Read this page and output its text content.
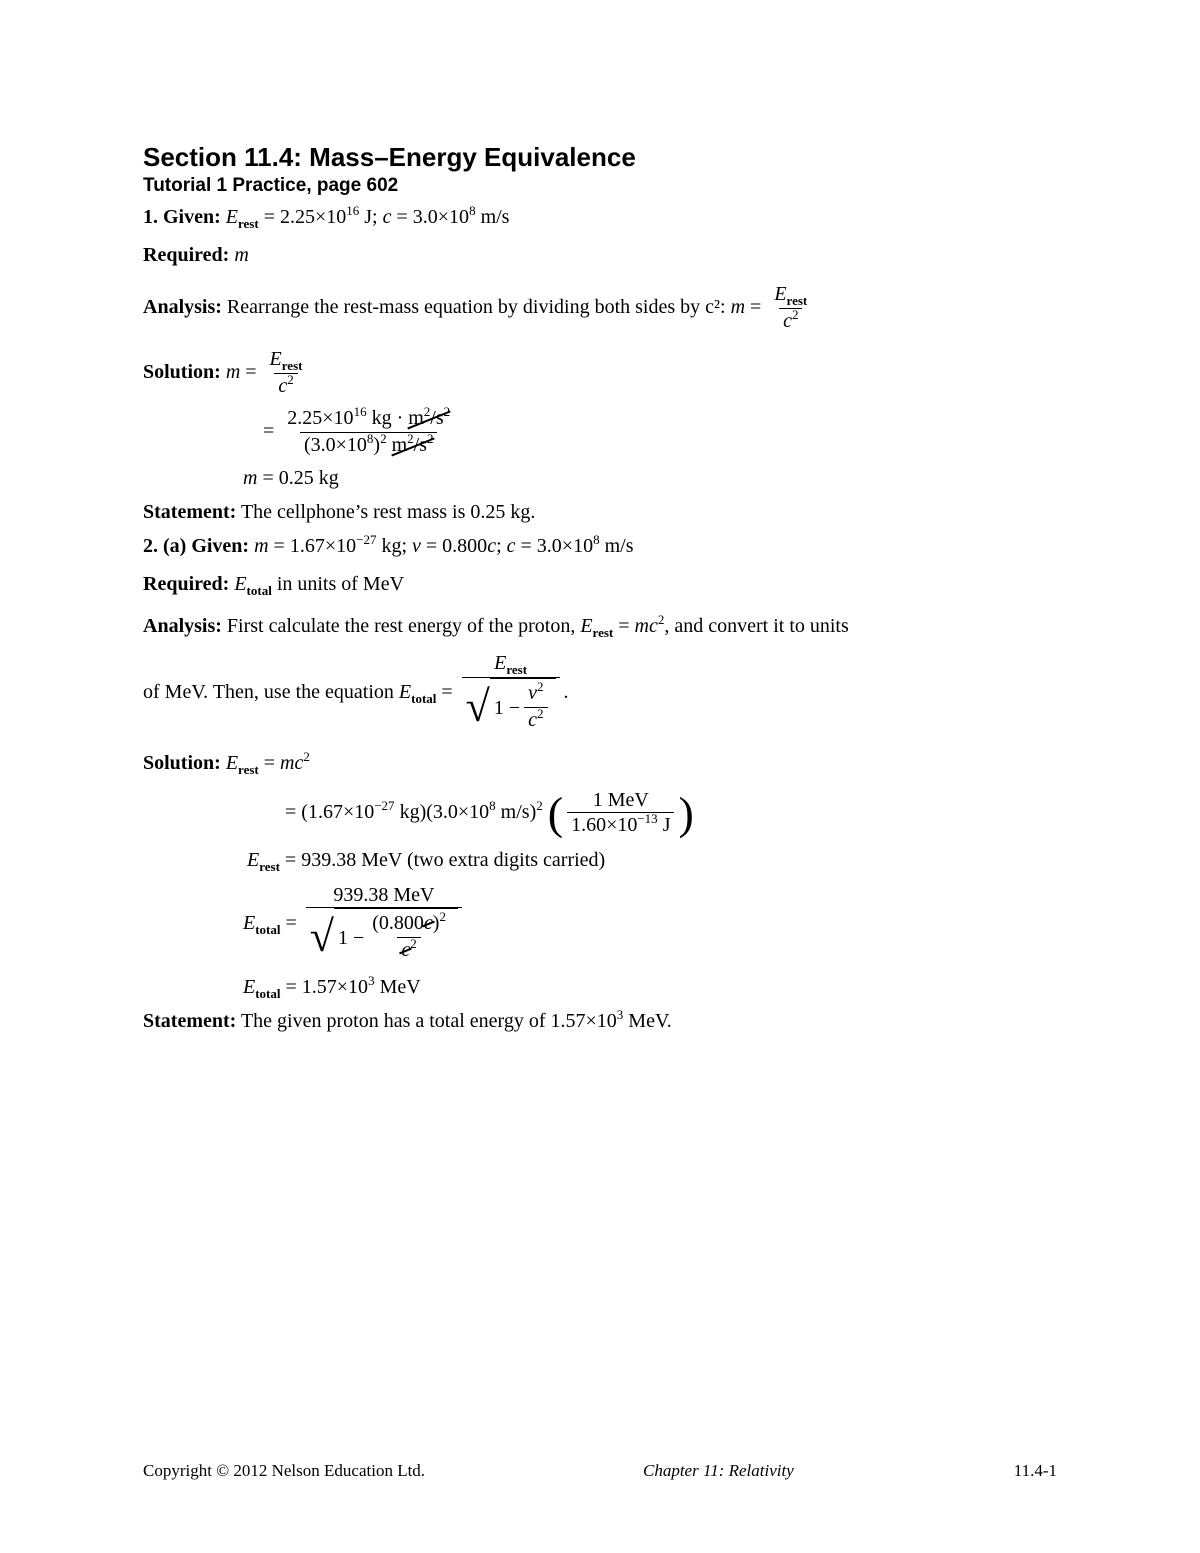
Section 11.4: Mass–Energy Equivalence
Tutorial 1 Practice, page 602
1. Given: $E_{rest} = 2.25\times 10^{16}$ J; $c = 3.0\times 10^8$ m/s
Required: m
Analysis: Rearrange the rest-mass equation by dividing both sides by c²: $m = \frac{E_{rest}}{c^2}$
Solution: $m = \frac{E_{rest}}{c^2}$
= $\frac{2.25\times 10^{16} kg \cdot m^2/s^2}{(3.0\times 10^8)^2 m^2/s^2}$
m = 0.25 kg
Statement: The cellphone’s rest mass is 0.25 kg.
2. (a) Given: $m = 1.67\times 10^{-27}$ kg; v = 0.800c; $c = 3.0\times 10^8$ m/s
Required: $E_{total}$ in units of MeV
Analysis: First calculate the rest energy of the proton, $E_{rest} = mc^2$, and convert it to units
of MeV. Then, use the equation $E_{total} = \frac{E_{rest}}{√ 1 - \frac{v^2}{c^2}}$ .
Solution: $E_{rest} = mc^2$
= ($1.67\times 10^{-27}$ $kg)(3.0\times 10^8$ m/s)$^2$ ( $\frac{\text{1 MeV}}{1.60\times 10^{-13} J}$ )
$E_{rest} = 939.38$ MeV (two extra digits carried)
$E_{total} = \frac{\text{939.38 MeV}}{√ 1 - \frac{(0.800c)^2}{c^2}}$
$E_{total} = 1.57\times 10^3$ MeV
Statement: The given proton has a total energy of $1.57\times 10^3$ MeV.
Copyright © 2012 Nelson Education Ltd.	Chapter 11: Relativity	11.4-1
